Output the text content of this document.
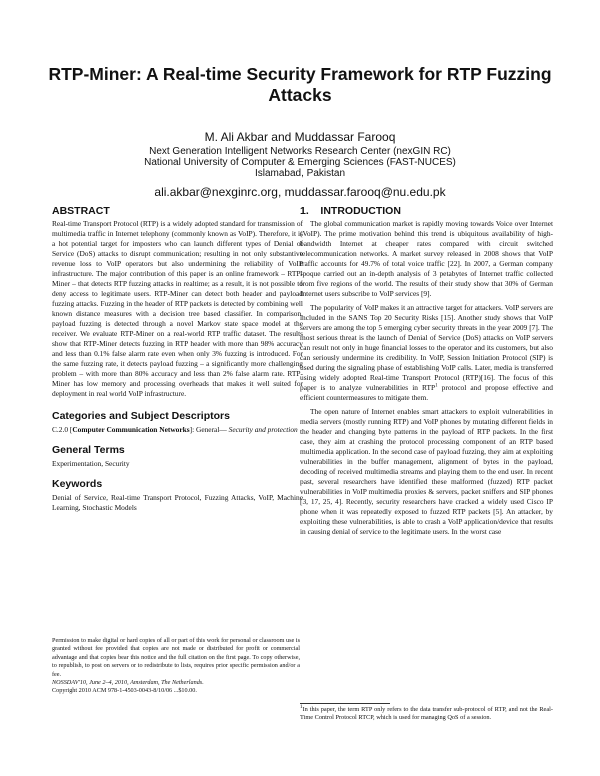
RTP-Miner: A Real-time Security Framework for RTP Fuzzing Attacks
M. Ali Akbar and Muddassar Farooq
Next Generation Intelligent Networks Research Center (nexGIN RC)
National University of Computer & Emerging Sciences (FAST-NUCES)
Islamabad, Pakistan
ali.akbar@nexginrc.org, muddassar.farooq@nu.edu.pk
ABSTRACT

Real-time Transport Protocol (RTP) is a widely adopted standard for transmission of multimedia traffic in Internet telephony (commonly known as VoIP). Therefore, it is a hot potential target for imposters who can launch different types of Denial of Service (DoS) attacks to disrupt communication; resulting in not only substantive revenue loss to VoIP operators but also undermining the reliability of VoIP infrastructure. The major contribution of this paper is an online framework – RTP-Miner – that detects RTP fuzzing attacks in realtime; as a result, it is not possible to deny access to legitimate users. RTP-Miner can detect both header and payload fuzzing attacks. Fuzzing in the header of RTP packets is detected by combining well known distance measures with a decision tree based classifier. In comparison, payload fuzzing is detected through a novel Markov state space model at the receiver. We evaluate RTP-Miner on a real-world RTP traffic dataset. The results show that RTP-Miner detects fuzzing in RTP header with more than 98% accuracy and less than 0.1% false alarm rate even when only 3% fuzzing is introduced. For the same fuzzing rate, it detects payload fuzzing – a significantly more challenging problem – with more than 80% accuracy and less than 2% false alarm rate. RTP-Miner has low memory and processing overheads that makes it well suited for deployment in real world VoIP infrastructure.

Categories and Subject Descriptors

C.2.0 [Computer Communication Networks]: General— Security and protection

General Terms

Experimentation, Security

Keywords

Denial of Service, Real-time Transport Protocol, Fuzzing Attacks, VoIP, Machine Learning, Stochastic Models

Permission to make digital or hard copies of all or part of this work for personal or classroom use is granted without fee provided that copies are not made or distributed for profit or commercial advantage and that copies bear this notice and the full citation on the first page. To copy otherwise, to republish, to post on servers or to redistribute to lists, requires prior specific permission and/or a fee.

NOSSDAV'10, June 2–4, 2010, Amsterdam, The Netherlands.

Copyright 2010 ACM 978-1-4503-0043-8/10/06 ...$10.00.

1.    INTRODUCTION

The global communication market is rapidly moving towards Voice over Internet (VoIP). The prime motivation behind this trend is ubiquitous availability of high-bandwidth Internet at cheaper rates compared with circuit switched telecommunication networks. A market survey released in 2008 shows that VoIP traffic accounts for 49.7% of total voice traffic [22]. In 2007, a German company Ipoque carried out an in-depth analysis of 3 petabytes of Internet traffic collected from five regions of the world. The results of their study show that 30% of German Internet users subscribe to VoIP services [9].

The popularity of VoIP makes it an attractive target for attackers. VoIP servers are included in the SANS Top 20 Security Risks [15]. Another study shows that VoIP servers are among the top 5 emerging cyber security threats in the year 2009 [7]. The most serious threat is the launch of Denial of Service (DoS) attacks on VoIP servers can result not only in huge financial losses to the operator and its customers, but also can seriously undermine its credibility. In VoIP, Session Initiation Protocol (SIP) is used during the signaling phase of establishing VoIP calls. Later, media is transferred using widely adopted Real-time Transport Protocol (RTP)[16]. The focus of this paper is to analyze vulnerabilities in RTP$^1$ protocol and propose effective and efficient countermeasures to mitigate them.

The open nature of Internet enables smart attackers to exploit vulnerabilities in media servers (mostly running RTP) and VoIP phones by mutating different fields in the header and changing byte patterns in the payload of RTP packets. In the first case, they aim at crashing the protocol processing component of an RTP based multimedia application. In the second case of payload fuzzing, they aim at exploiting vulnerabilities in the buffer management, alignment of bytes in the payload, decoding of received multimedia streams and playing them to the end user. In recent past, several researchers have identified these malformed (fuzzed) RTP packet vulnerabilities in VoIP multimedia proxies & servers, packet sniffers and SIP phones [3, 17, 25, 4]. Recently, security researchers have cracked a widely used Cisco IP phone when it was repeatedly exposed to fuzzed RTP packets [5]. An attacker, by exploiting these vulnerabilities, is able to crash a VoIP application/device that results in causing denial of service to the legitimate users. In the worst case

$^1$In this paper, the term RTP only refers to the data transfer sub-protocol of RTP, and not the Real-Time Control Protocol RTCP, which is used for managing QoS of a session.
